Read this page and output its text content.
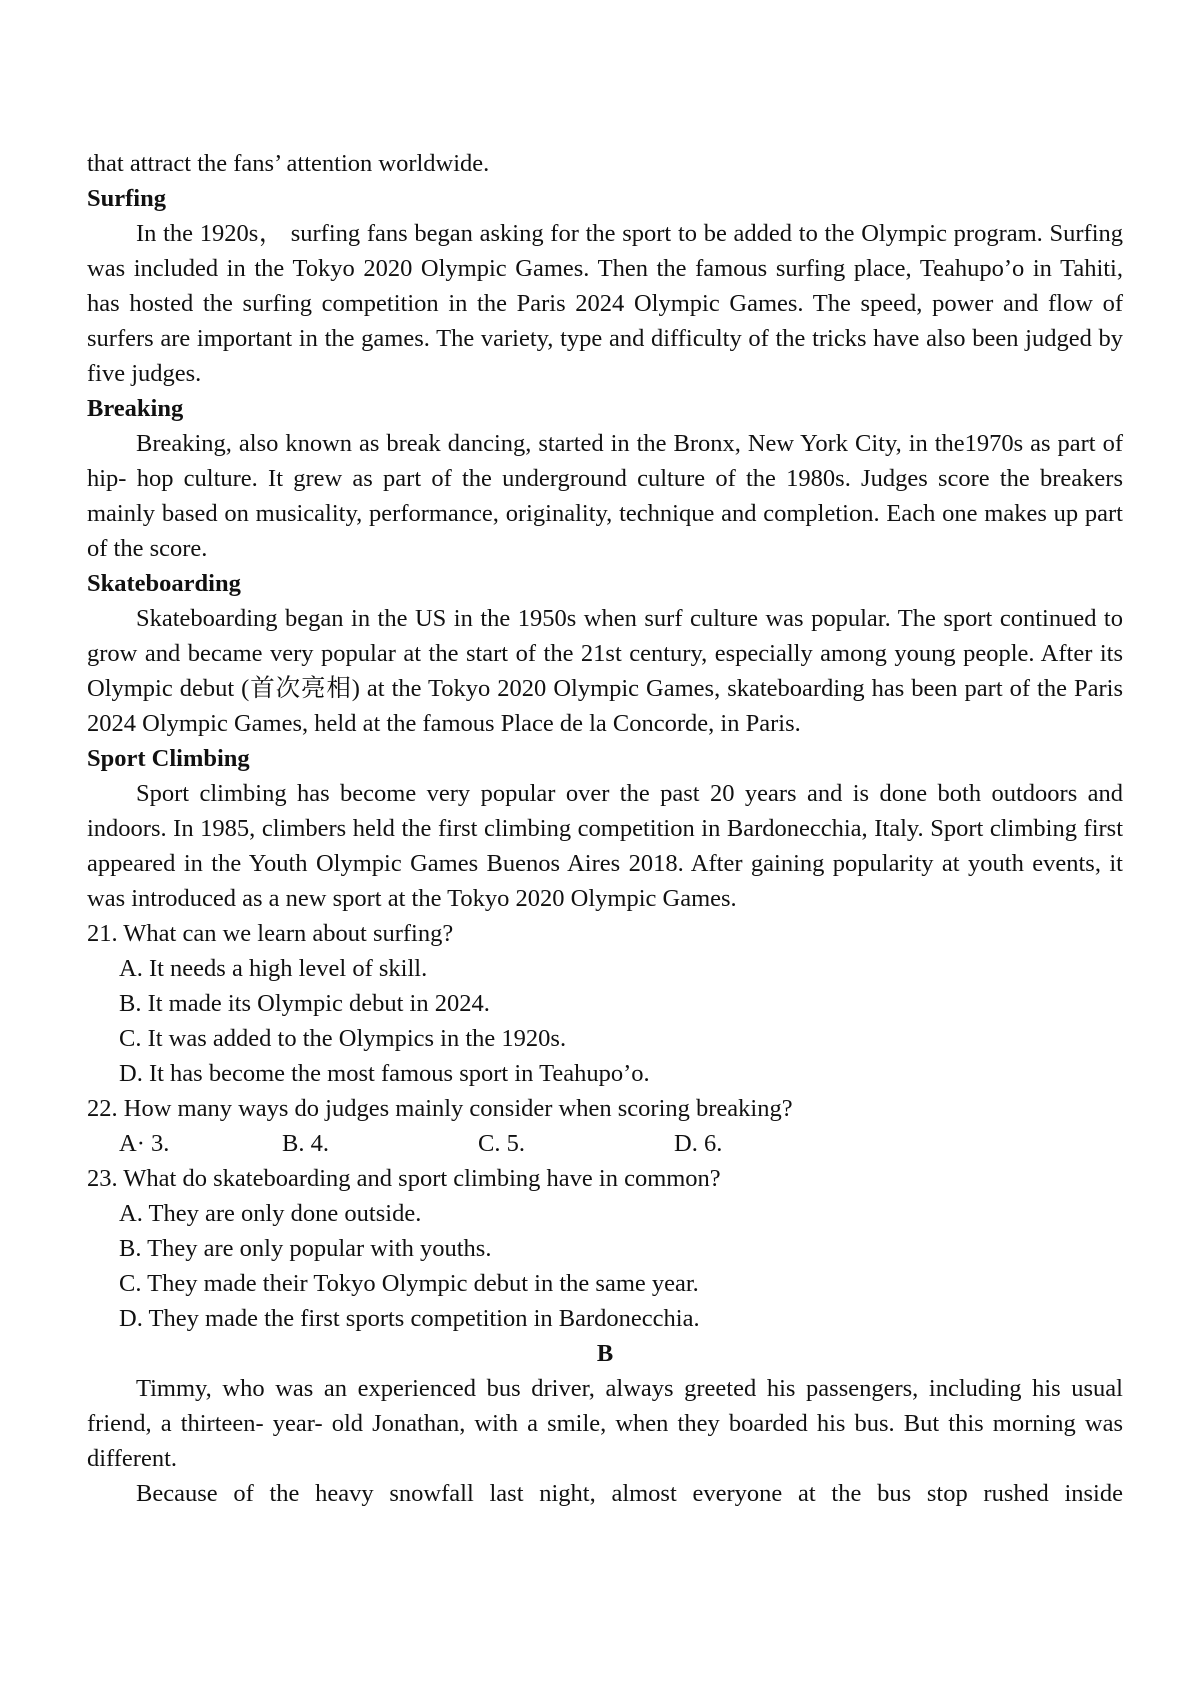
that attract the fans’ attention worldwide.

Surfing

In the 1920s， surfing fans began asking for the sport to be added to the Olympic program. Surfing was included in the Tokyo 2020 Olympic Games. Then the famous surfing place, Teahupo’o in Tahiti, has hosted the surfing competition in the Paris 2024 Olympic Games. The speed, power and flow of surfers are important in the games. The variety, type and difficulty of the tricks have also been judged by five judges.

Breaking

Breaking, also known as break dancing, started in the Bronx, New York City, in the1970s as part of hip- hop culture. It grew as part of the underground culture of the 1980s. Judges score the breakers mainly based on musicality, performance, originality, technique and completion. Each one makes up part of the score.

Skateboarding

Skateboarding began in the US in the 1950s when surf culture was popular. The sport continued to grow and became very popular at the start of the 21st century, especially among young people. After its Olympic debut (首次亮相) at the Tokyo 2020 Olympic Games, skateboarding has been part of the Paris 2024 Olympic Games, held at the famous Place de la Concorde, in Paris.

Sport Climbing

Sport climbing has become very popular over the past 20 years and is done both outdoors and indoors. In 1985, climbers held the first climbing competition in Bardonecchia, Italy. Sport climbing first appeared in the Youth Olympic Games Buenos Aires 2018. After gaining popularity at youth events, it was introduced as a new sport at the Tokyo 2020 Olympic Games.

21. What can we learn about surfing?

A. It needs a high level of skill.

B. It made its Olympic debut in 2024.

C. It was added to the Olympics in the 1920s.

D. It has become the most famous sport in Teahupo’o.

22. How many ways do judges mainly consider when scoring breaking?

A· 3.	B. 4.	C. 5.	D. 6.

23. What do skateboarding and sport climbing have in common?

A. They are only done outside.

B. They are only popular with youths.

C. They made their Tokyo Olympic debut in the same year.

D. They made the first sports competition in Bardonecchia.

B

Timmy, who was an experienced bus driver, always greeted his passengers, including his usual friend, a thirteen- year- old Jonathan, with a smile, when they boarded his bus. But this morning was different.

Because of the heavy snowfall last night, almost everyone at the bus stop rushed inside
